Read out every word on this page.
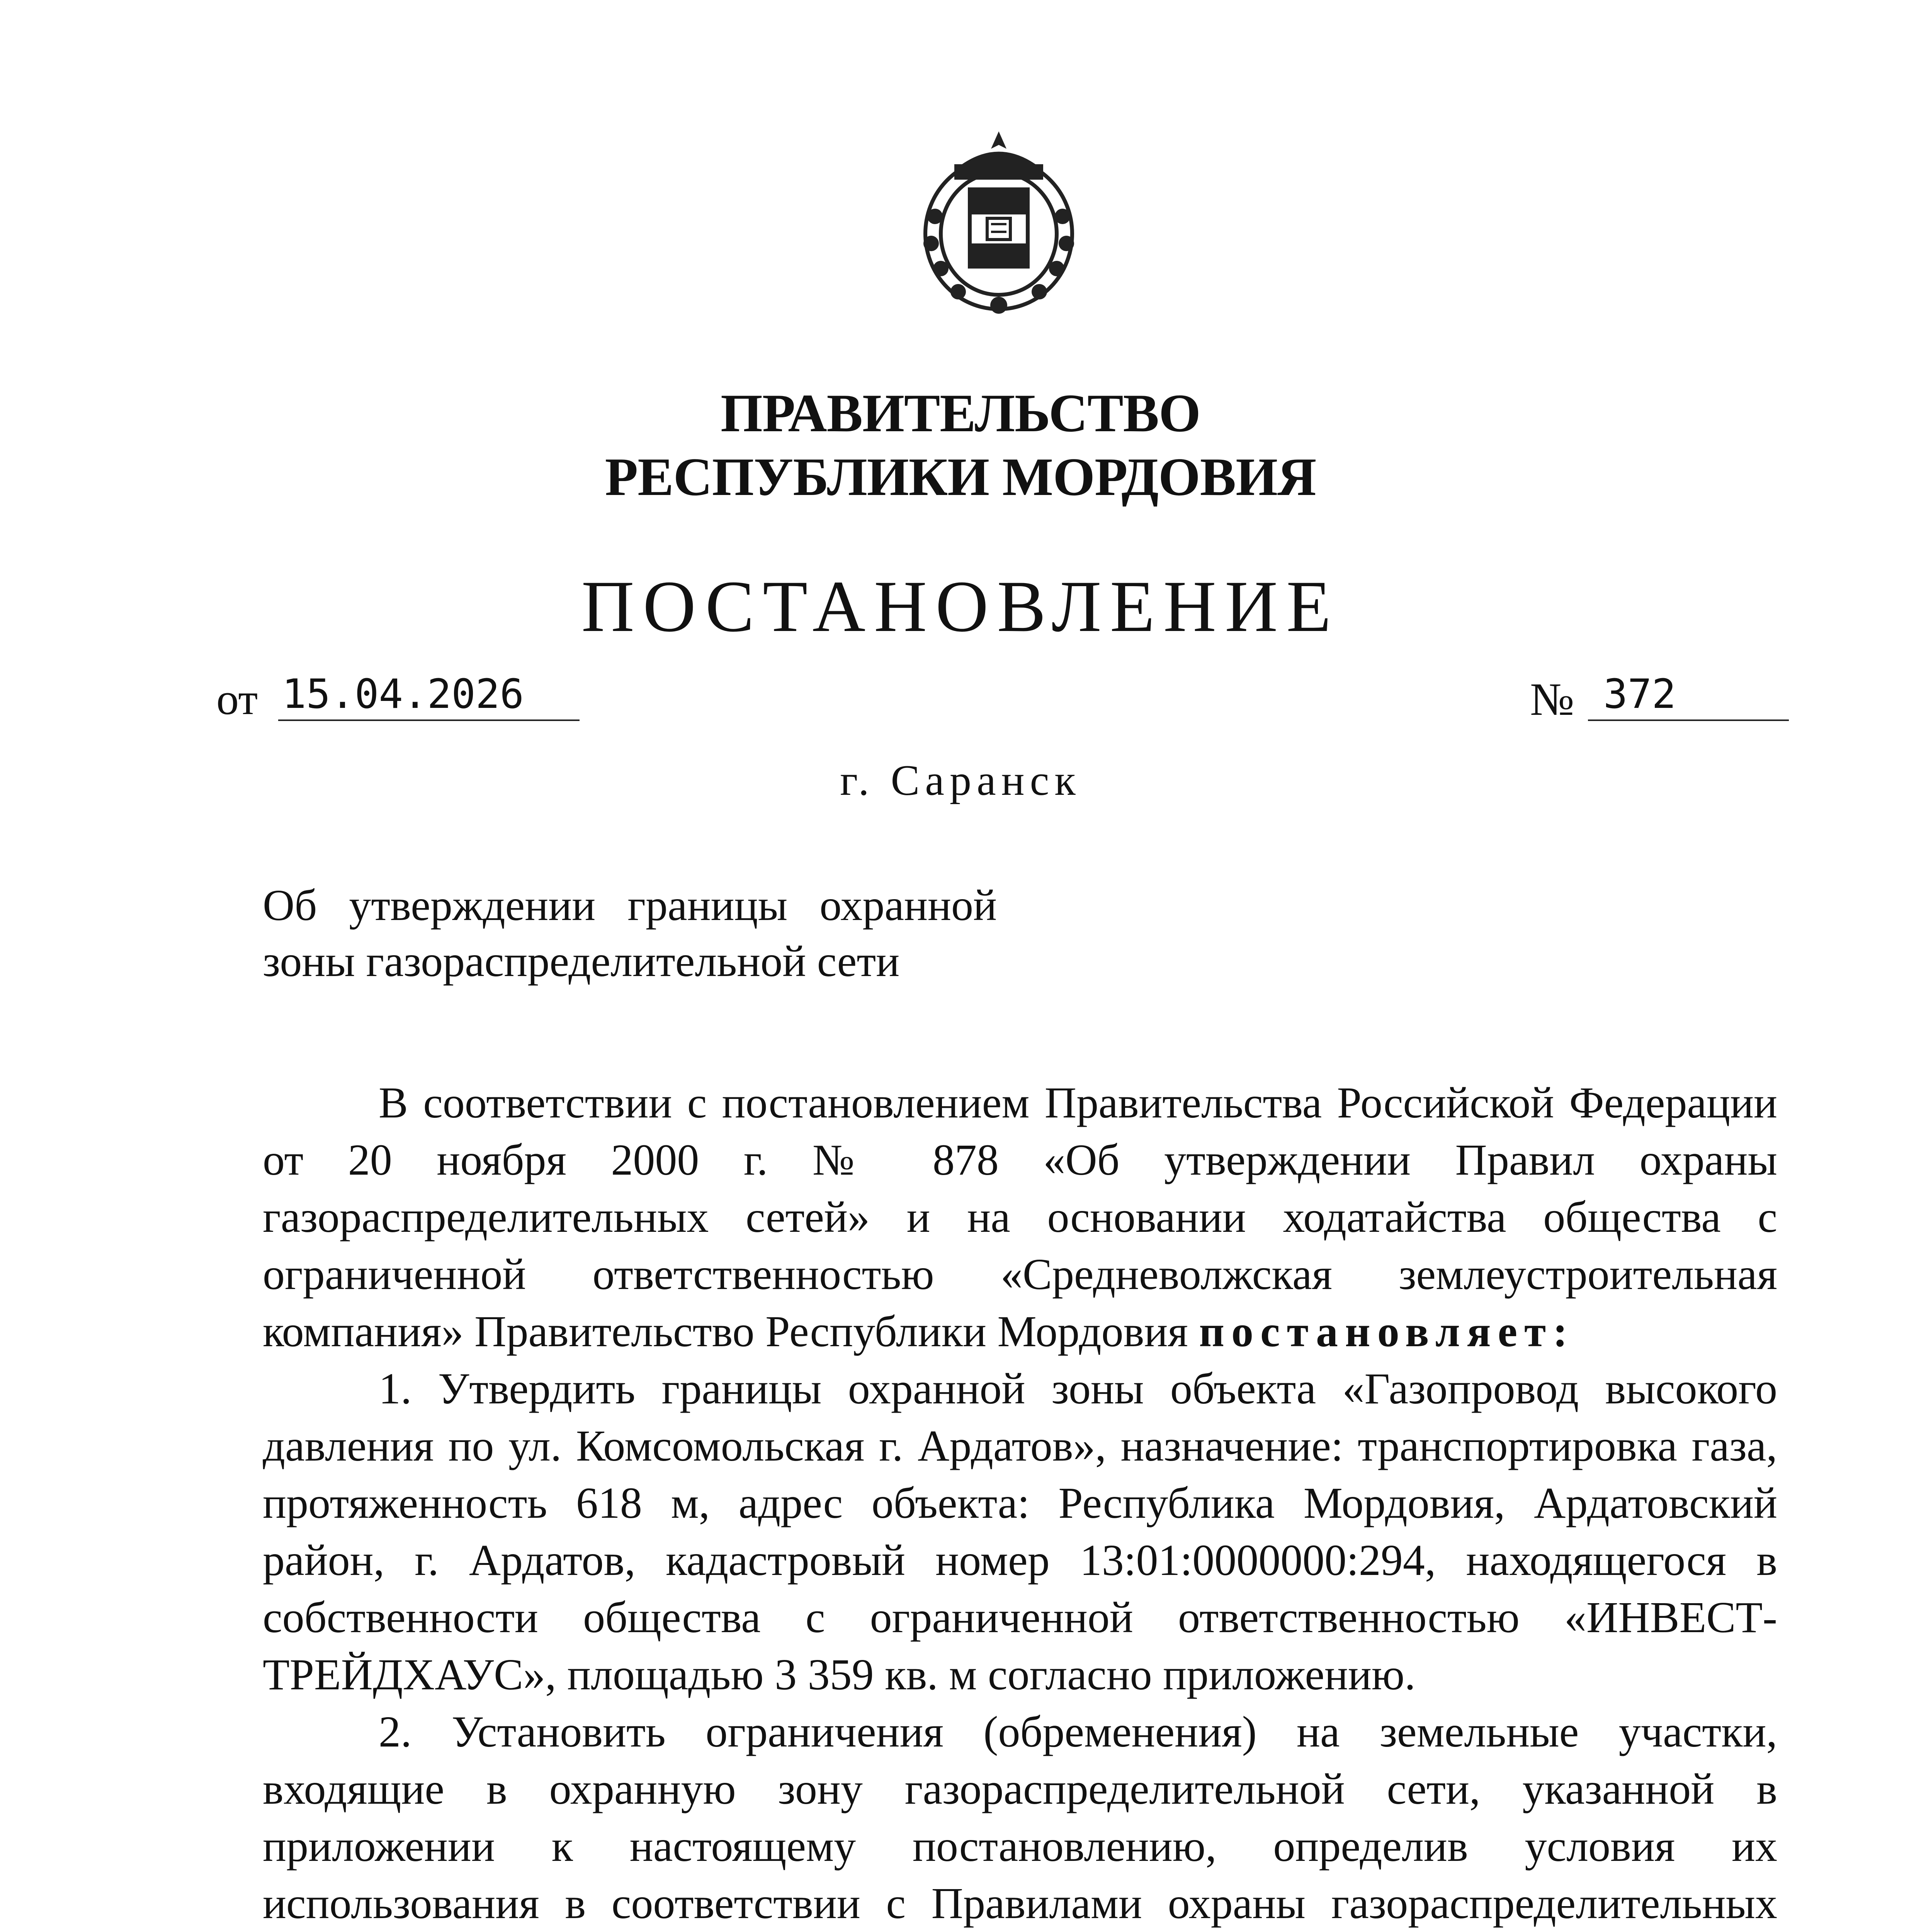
ПРАВИТЕЛЬСТВО
РЕСПУБЛИКИ МОРДОВИЯ
ПОСТАНОВЛЕНИЕ
от 15.04.2026	№ 372
г. Саранск
Об утверждении границы охранной
зоны газораспределительной сети

В соответствии с постановлением Правительства Российской Федерации от 20 ноября 2000 г. № 878 «Об утверждении Правил охраны газораспределительных сетей» и на основании ходатайства общества с ограниченной ответственностью «Средневолжская землеустроительная компания» Правительство Республики Мордовия постановляет:

1. Утвердить границы охранной зоны объекта «Газопровод высокого давления по ул. Комсомольская г. Ардатов», назначение: транспортировка газа, протяженность 618 м, адрес объекта: Республика Мордовия, Ардатовский район, г. Ардатов, кадастровый номер 13:01:0000000:294, находящегося в собственности общества с ограниченной ответственностью «ИНВЕСТ-ТРЕЙДХАУС», площадью 3 359 кв. м согласно приложению.

2. Установить ограничения (обременения) на земельные участки, входящие в охранную зону газораспределительной сети, указанной в приложении к настоящему постановлению, определив условия их использования в соответствии с Правилами охраны газораспределительных
